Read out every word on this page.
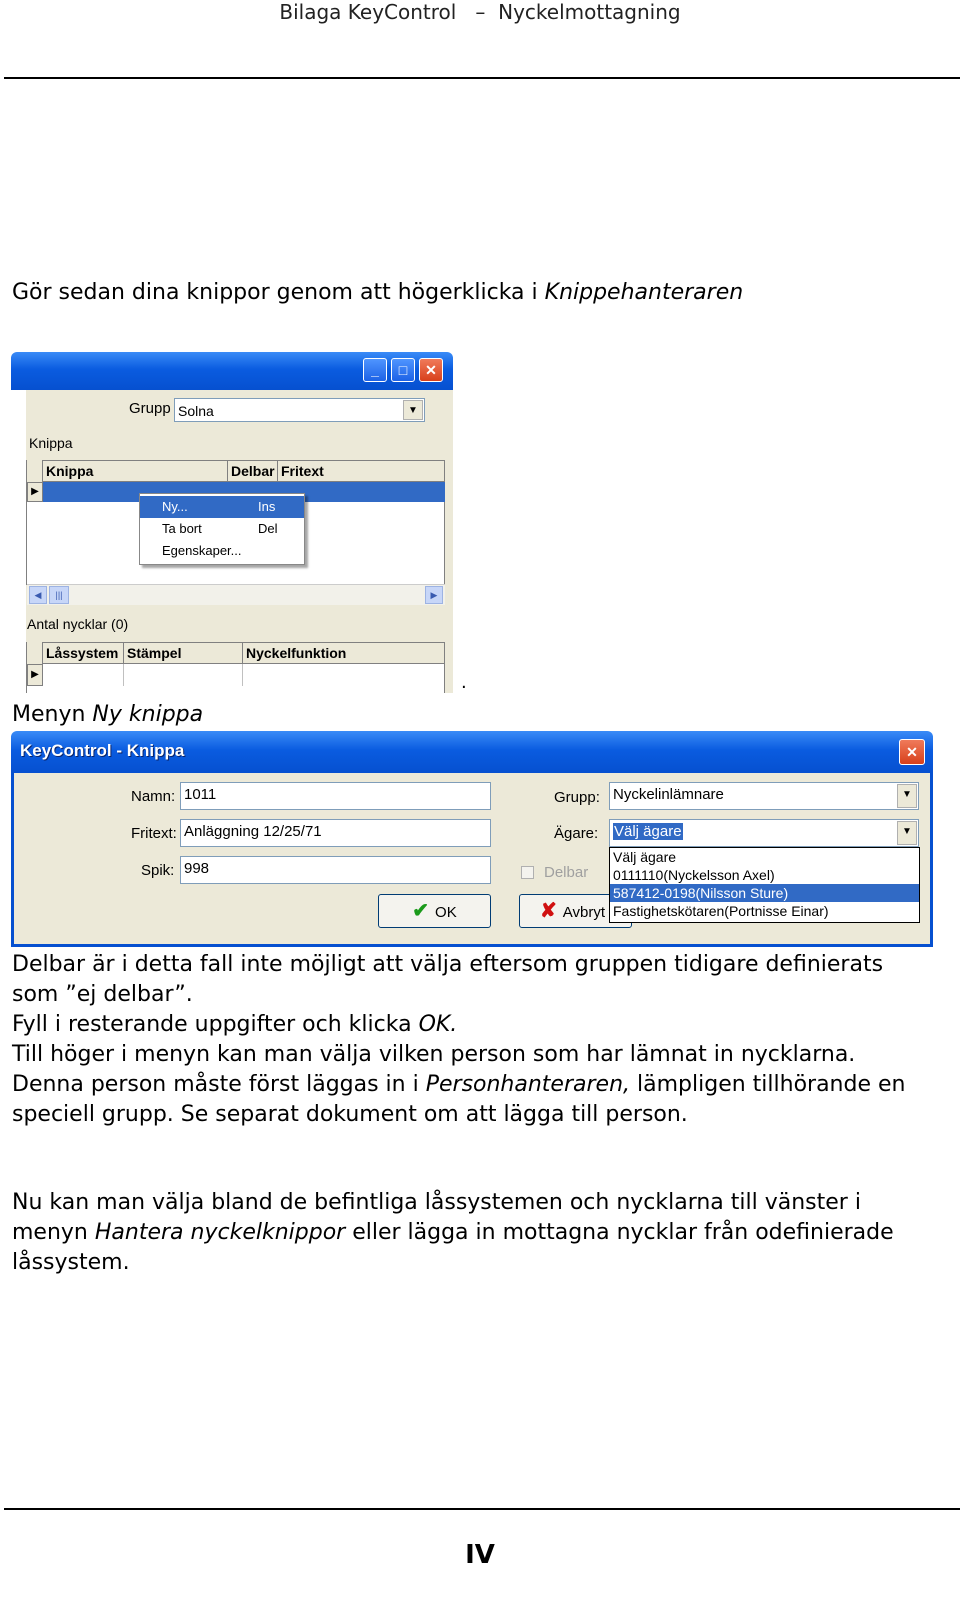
Bilaga KeyControl – Nyckelmottagning
Gör sedan dina knippor genom att högerklicka i Knippehanteraren
_	□	✕
Grupp Solna	▼
Knippa
Knippa	Delbar Fritext
▶
Ny...	Ins
Ta bort	Del
Egenskaper...
◀	|||	▶
Antal nycklar (0)
Låssystem Stämpel	Nyckelfunktion
▶	.
Menyn Ny knippa
KeyControl - Knippa	✕
Namn: 1011
Fritext: Anläggning 12/25/71
Spik: 998
Grupp: Nyckelinlämnare	▼
Ägare:	Välj ägare	▼
Delbar
✔ OK	✘ Avbryt
Välj ägare
0111110(Nyckelsson Axel)
587412-0198(Nilsson Sture)
Fastighetskötaren(Portnisse Einar)
Delbar är i detta fall inte möjligt att välja eftersom gruppen tidigare definierats
som ”ej delbar”.
Fyll i resterande uppgifter och klicka OK.
Till höger i menyn kan man välja vilken person som har lämnat in nycklarna.
Denna person måste först läggas in i Personhanteraren, lämpligen tillhörande en
speciell grupp. Se separat dokument om att lägga till person.
Nu kan man välja bland de befintliga låssystemen och nycklarna till vänster i
menyn Hantera nyckelknippor eller lägga in mottagna nycklar från odefinierade
låssystem.
IV
